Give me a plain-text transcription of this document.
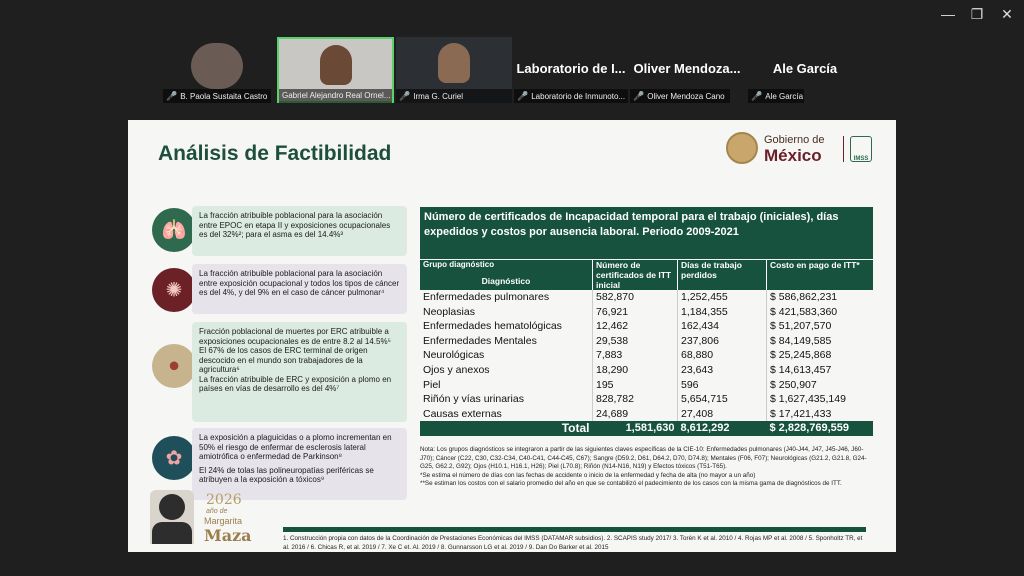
—	❐	✕
🎤 B. Paola Sustaita Castro	Gabriel Alejandro Real Ornel... 🎤 Irma G. Curiel
Laboratorio de I...
🎤 Laboratorio de Inmunoto...
Oliver Mendoza...
🎤 Oliver Mendoza Cano
Ale García
🎤 Ale García
Análisis de Factibilidad
Gobierno de
México	IMSS
🫁
La fracción atribuible poblacional para la asociación entre EPOC en etapa II y exposiciones ocupacionales es del 32%²; para el asma es del 14.4%³
✺
La fracción atribuible poblacional para la asociación entre exposición ocupacional y todos los tipos de cáncer es del 4%, y del 9% en el caso de cáncer pulmonar⁴
●
Fracción poblacional de muertes por ERC atribuible a exposiciones ocupacionales es de entre 8.2 al 14.5%⁵
El 67% de los casos de ERC terminal de origen descocido en el mundo son trabajadores de la agricultura⁶
La fracción atribuible de ERC y exposición a plomo en países en vías de desarrollo es del 4%⁷
✿
La exposición a plaguicidas o a plomo incrementan en 50% el riesgo de enfermar de esclerosis lateral amiotrófica o enfermedad de Parkinson⁸
El 24% de tolas las polineuropatías periféricas se atribuyen a la exposición a tóxicos⁹
2026
año de
Margarita
Maza
Número de certificados de Incapacidad temporal para el trabajo (iniciales), días expedidos y costos por ausencia laboral. Periodo 2009-2021
Grupo diagnóstico
Diagnóstico	Número de certificados de ITT inicial	Días de trabajo perdidos	Costo en pago de ITT*
Enfermedades pulmonares	582,870	1,252,455	$ 586,862,231
Neoplasias	76,921	1,184,355	$ 421,583,360
Enfermedades hematológicas	12,462	162,434	$ 51,207,570
Enfermedades Mentales	29,538	237,806	$ 84,149,585
Neurológicas	7,883	68,880	$ 25,245,868
Ojos y anexos	18,290	23,643	$ 14,613,457
Piel	195	596	$ 250,907
Riñón y vías urinarias	828,782	5,654,715	$ 1,627,435,149
Causas externas	24,689	27,408	$ 17,421,433
Total	1,581,630	8,612,292	$ 2,828,769,559
Nota: Los grupos diagnósticos se integraron a partir de las siguientes claves específicas de la CIE-10: Enfermedades pulmonares (J40-J44, J47, J45-J46, J60-J70); Cáncer (C22, C30, C32-C34, C40-C41, C44-C45, C67); Sangre (D59.2, D61, D64.2, D70, D74.8); Mentales (F06, F07); Neurológicas (G21.2, G21.8, G24-G25, G62.2, G92); Ojos (H10.1, H16.1, H26); Piel (L70.8); Riñón (N14-N16, N19) y Efectos tóxicos (T51-T65).
*Se estima el número de días con las fechas de accidente o inicio de la enfermedad y fecha de alta (no mayor a un año)
**Se estiman los costos con el salario promedio del año en que se contabilizó el padecimiento de los casos con la misma gama de diagnósticos de ITT.
1. Construcción propia con datos de la Coordinación de Prestaciones Económicas del IMSS (DATAMAR subsidios). 2. SCAPIS study 2017/ 3. Torén K et al. 2010 / 4. Rojas MP et al. 2008 / 5. Sponholtz TR, et al. 2016 / 6. Chicas R, et al. 2019 / 7. Xe C et. Al. 2019 / 8. Gunnarsson LG et al. 2019 / 9. Dan Do Barker et al. 2015
